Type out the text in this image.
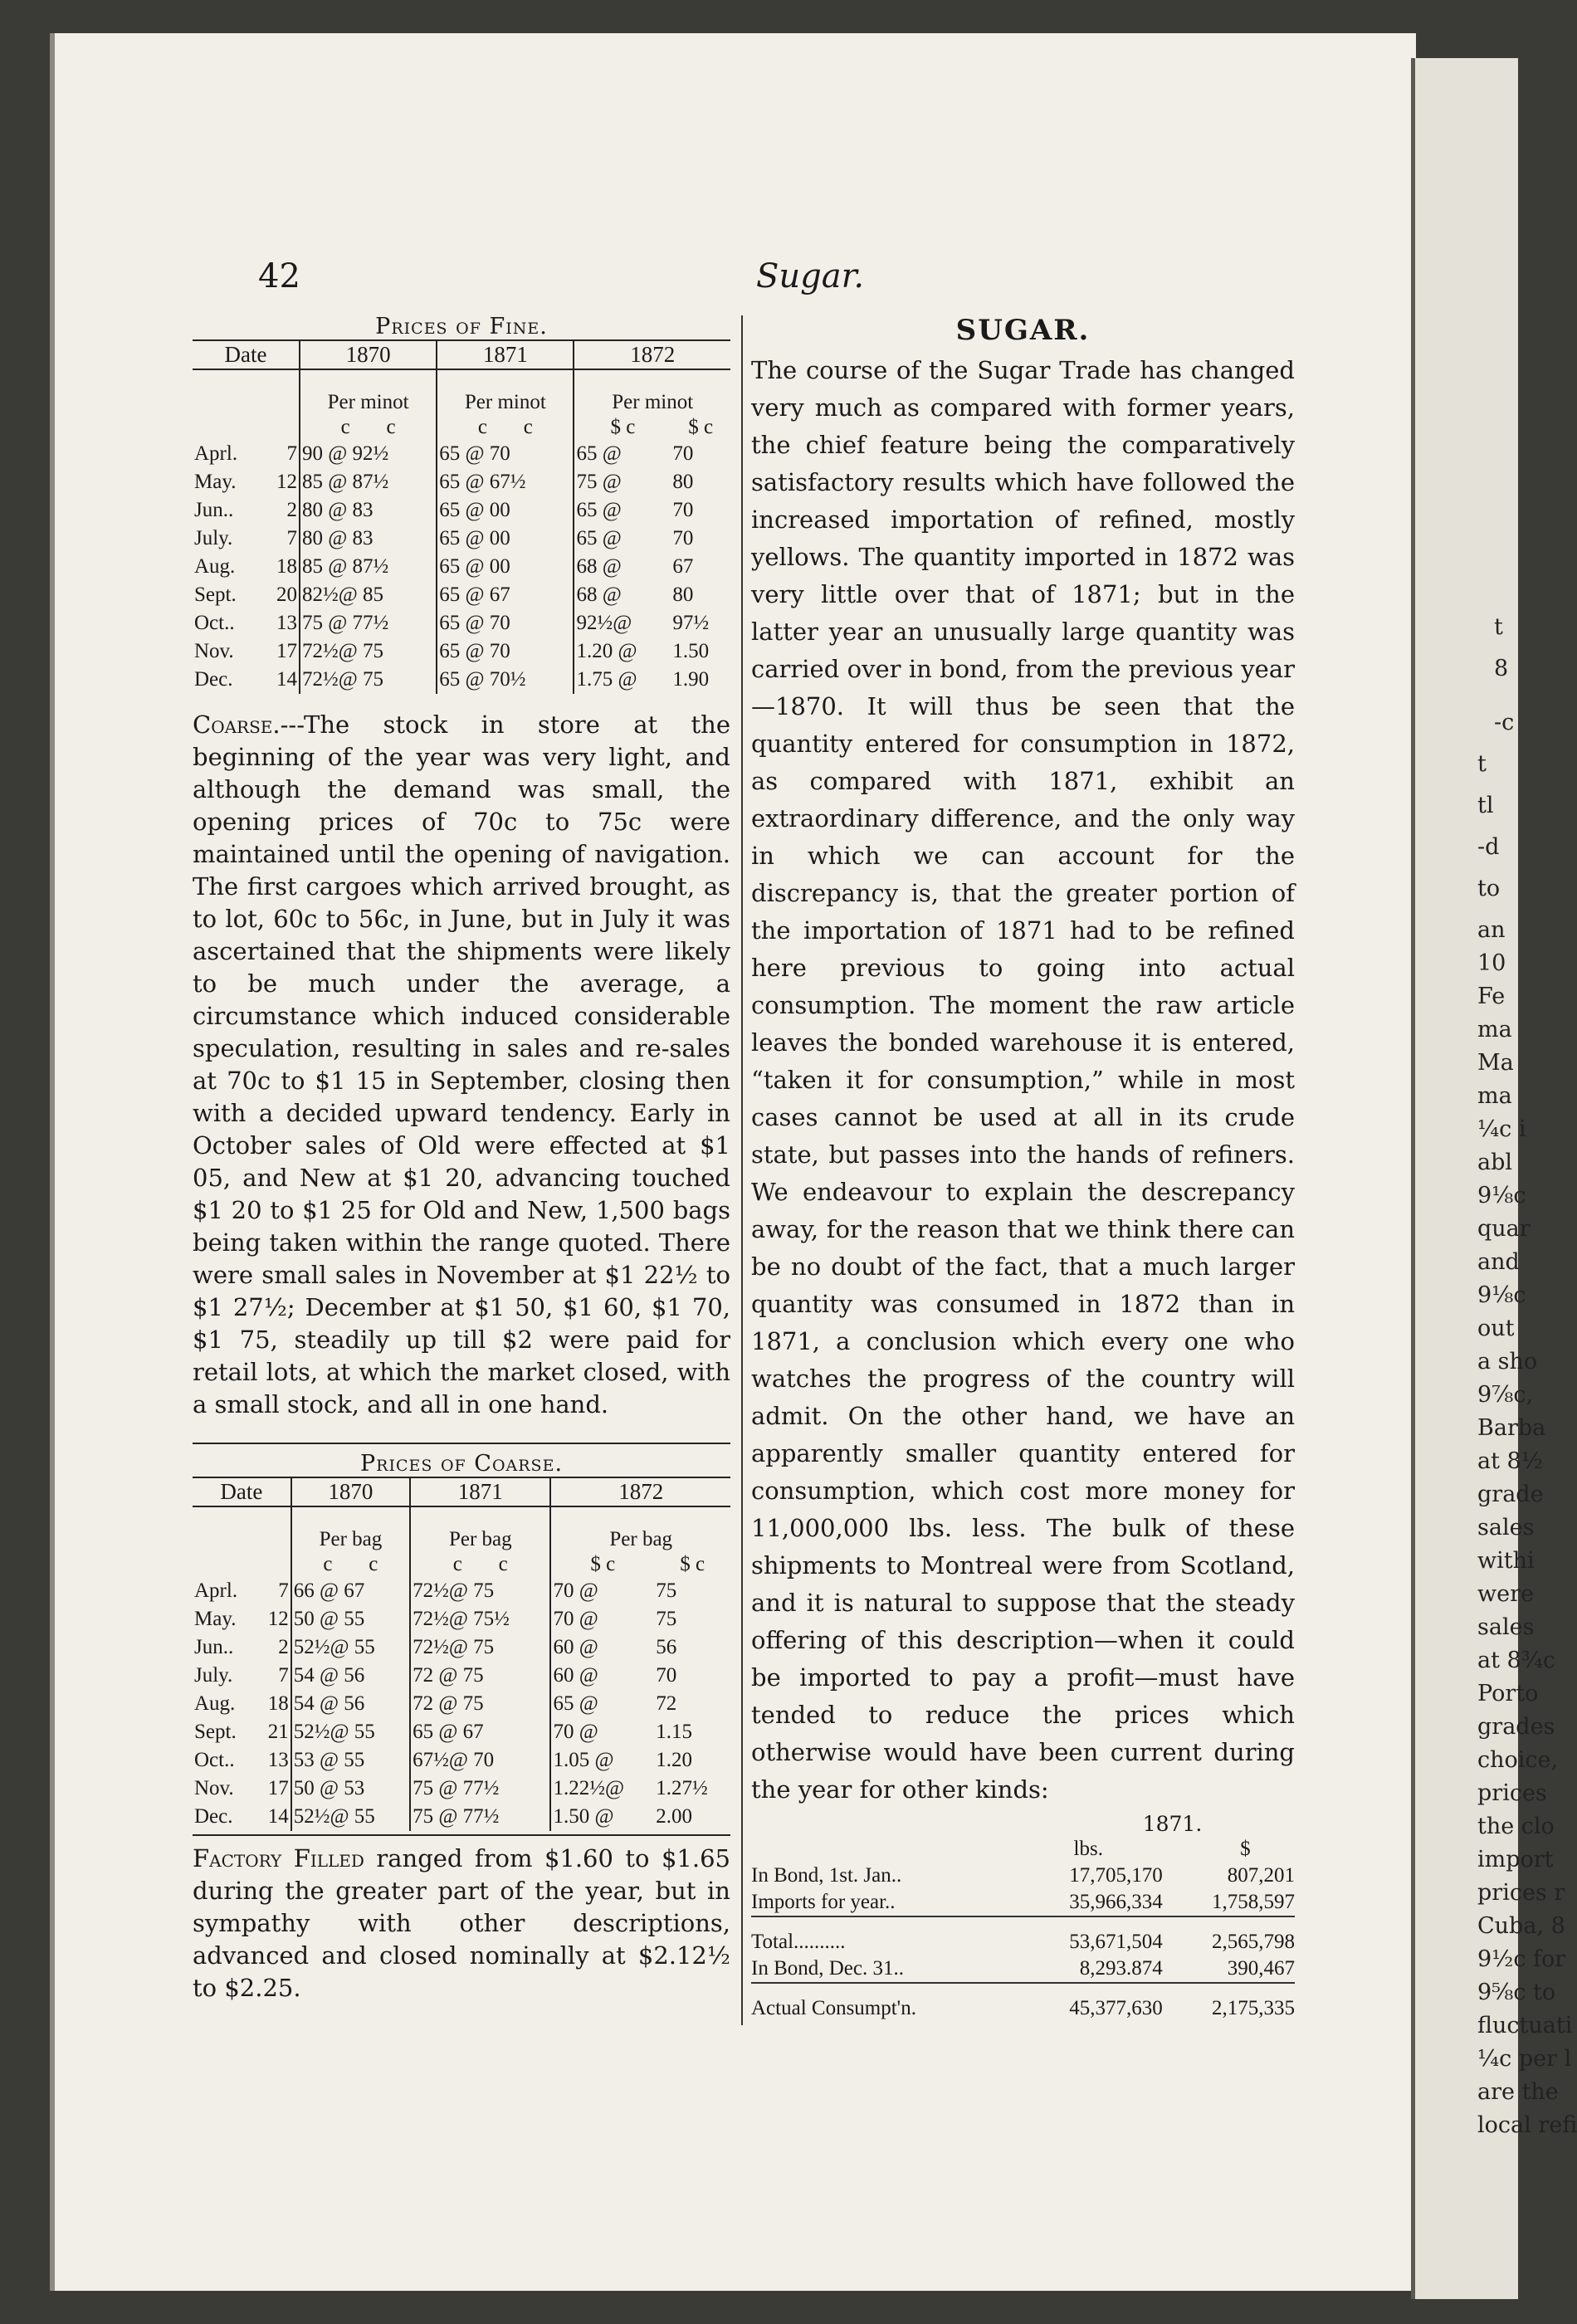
42	Sugar.
t
8
-c
t
tl
-d
to
an
10
Fe
ma
Ma
ma
¼c i
abl
9⅛c
quar
and
9⅛c
out
a sho
9⅞c,
Barba
at 8½
grade
sales
withi
were
sales
at 8¾c
Porto
grades
choice,
prices
the clo
import
prices r
Cuba, 8
9½c for
9⅝c to
fluctuati
¼c per l
are the
local refi
Prices of Fine.
Date		1870	1871	1872	

		Per minot	Per minot	Per minot	
		c c	c c	$ c	$ c
Aprl.	7	90 @ 92½	65 @ 70	65 @	70
May.	12	85 @ 87½	65 @ 67½	75 @	80
Jun..	2	80 @ 83	65 @ 00	65 @	70
July.	7	80 @ 83	65 @ 00	65 @	70
Aug.	18	85 @ 87½	65 @ 00	68 @	67
Sept.	20	82½@ 85	65 @ 67	68 @	80
Oct..	13	75 @ 77½	65 @ 70	92½@	97½
Nov.	17	72½@ 75	65 @ 70	1.20 @	1.50
Dec.	14	72½@ 75	65 @ 70½	1.75 @	1.90

Coarse.---The stock in store at the beginning of the year was very light, and although the demand was small, the opening prices of 70c to 75c were maintained until the opening of navigation. The first cargoes which arrived brought, as to lot, 60c to 56c, in June, but in July it was ascertained that the shipments were likely to be much under the average, a circumstance which induced considerable speculation, resulting in sales and re-sales at 70c to $1 15 in September, closing then with a decided upward tendency. Early in October sales of Old were effected at $1 05, and New at $1 20, advancing touched $1 20 to $1 25 for Old and New, 1,500 bags being taken within the range quoted. There were small sales in November at $1 22½ to $1 27½; December at $1 50, $1 60, $1 70, $1 75, steadily up till $2 were paid for retail lots, at which the market closed, with a small stock, and all in one hand.

Prices of Coarse.
Date		1870	1871	1872	

		Per bag	Per bag	Per bag	
		c c	c c	$ c	$ c
Aprl.	7	66 @ 67	72½@ 75	70 @	75
May.	12	50 @ 55	72½@ 75½	70 @	75
Jun..	2	52½@ 55	72½@ 75	60 @	56
July.	7	54 @ 56	72 @ 75	60 @	70
Aug.	18	54 @ 56	72 @ 75	65 @	72
Sept.	21	52½@ 55	65 @ 67	70 @	1.15
Oct..	13	53 @ 55	67½@ 70	1.05 @	1.20
Nov.	17	50 @ 53	75 @ 77½	1.22½@	1.27½
Dec.	14	52½@ 55	75 @ 77½	1.50 @	2.00

Factory Filled ranged from $1.60 to $1.65 during the greater part of the year, but in sympathy with other descriptions, advanced and closed nominally at $2.12½ to $2.25.

SUGAR.

The course of the Sugar Trade has changed very much as compared with former years, the chief feature being the comparatively satisfactory results which have followed the increased importation of refined, mostly yellows. The quantity imported in 1872 was very little over that of 1871; but in the latter year an unusually large quantity was carried over in bond, from the previous year—1870. It will thus be seen that the quantity entered for consumption in 1872, as compared with 1871, exhibit an extraordinary difference, and the only way in which we can account for the discrepancy is, that the greater portion of the importation of 1871 had to be refined here previous to going into actual consumption. The moment the raw article leaves the bonded warehouse it is entered, “taken it for consumption,” while in most cases cannot be used at all in its crude state, but passes into the hands of refiners. We endeavour to explain the descrepancy away, for the reason that we think there can be no doubt of the fact, that a much larger quantity was consumed in 1872 than in 1871, a conclusion which every one who watches the progress of the country will admit. On the other hand, we have an apparently smaller quantity entered for consumption, which cost more money for 11,000,000 lbs. less. The bulk of these shipments to Montreal were from Scotland, and it is natural to suppose that the steady offering of this description—when it could be imported to pay a profit—must have tended to reduce the prices which otherwise would have been current during the year for other kinds:

1871.
	lbs.	$
In Bond, 1st. Jan..	17,705,170	807,201
Imports for year..	35,966,334	1,758,597

Total..........	53,671,504	2,565,798
In Bond, Dec. 31..	8,293.874	390,467

Actual Consumpt'n.	45,377,630	2,175,335
